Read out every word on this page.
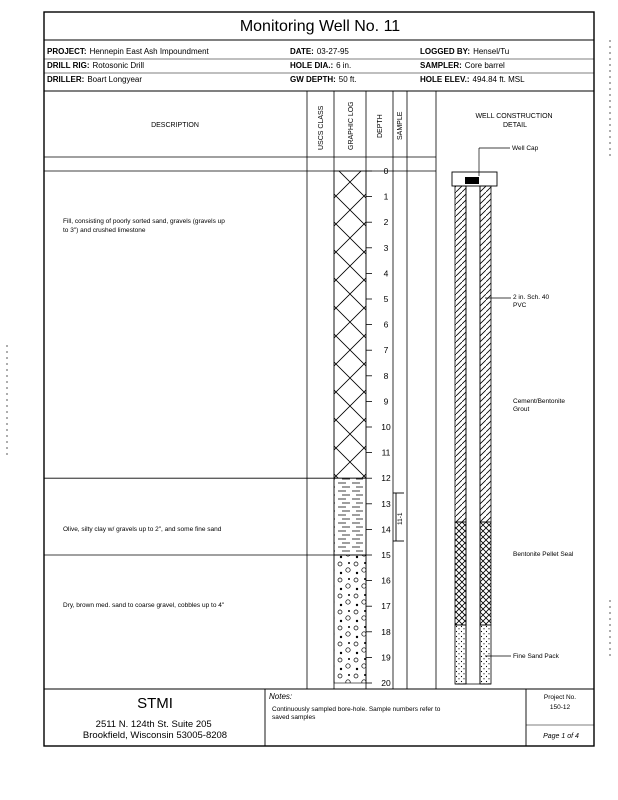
Monitoring Well No. 11
PROJECT: Hennepin East Ash Impoundment
DRILL RIG: Rotosonic Drill
DRILLER: Boart Longyear
DATE: 03-27-95
HOLE DIA.: 6 in.
GW DEPTH: 50 ft.
LOGGED BY: Hensel/Tu
SAMPLER: Core barrel
HOLE ELEV.: 494.84 ft. MSL
DESCRIPTION	USCS CLASS	GRAPHIC LOG	DEPTH SAMPLE	WELL CONSTRUCTION DETAIL
Fill, consisting of poorly sorted sand, gravels (gravels up to 3") and crushed limestone
Olive, silty clay w/ gravels up to 2", and some fine sand
Dry, brown med. sand to coarse gravel, cobbles up to 4"
0
1
2
3
4
5
6
7
8
9
10
11
12
13
14
15
16
17
18
19
20
11-1
Well Cap
2 in. Sch. 40 PVC
Cement/Bentonite Grout
Bentonite Pellet Seal
Fine Sand Pack
STMI
2511 N. 124th St. Suite 205 Brookfield, Wisconsin 53005-8208
Notes:
Continuously sampled bore-hole. Sample numbers refer to saved samples
Project No.
150-12
Page 1 of 4
